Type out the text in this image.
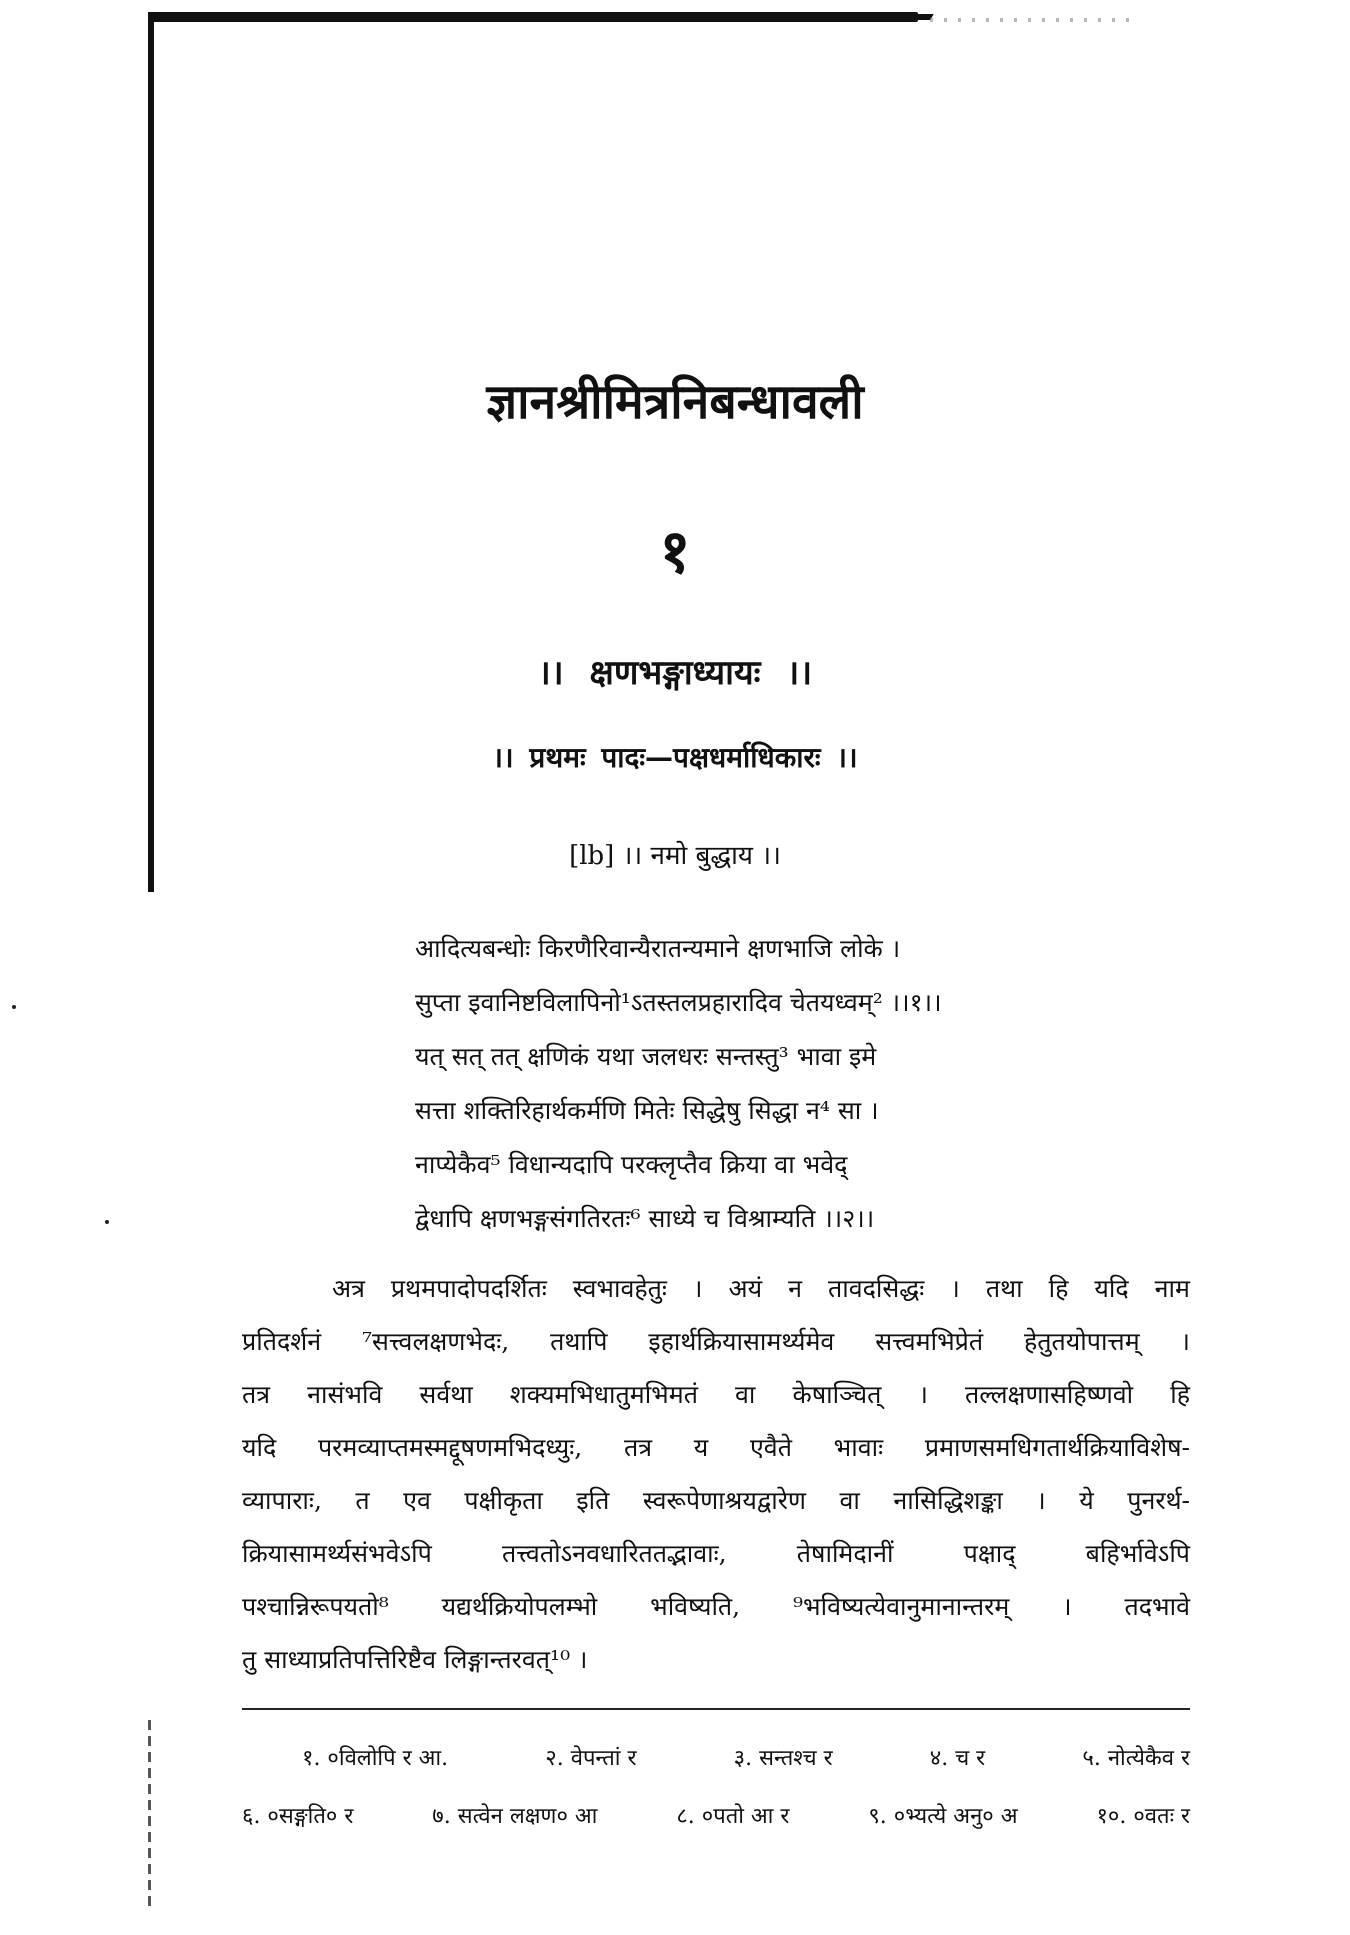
ज्ञानश्रीमित्रनिबन्धावली
१
।। क्षणभङ्गाध्यायः ।।
।। प्रथमः पादः—पक्षधर्माधिकारः ।।
[lb] ।। नमो बुद्धाय ।।
आदित्यबन्धोः किरणैरिवान्यैरातन्यमाने क्षणभाजि लोके ।
सुप्ता इवानिष्टविलापिनो¹ऽतस्तलप्रहारादिव चेतयध्वम्² ।।१।।
यत् सत् तत् क्षणिकं यथा जलधरः सन्तस्तु³ भावा इमे
सत्ता शक्तिरिहार्थकर्मणि मितेः सिद्धेषु सिद्धा न⁴ सा ।
नाप्येकैव⁵ विधान्यदापि परक्लृप्तैव क्रिया वा भवेद्
द्वेधापि क्षणभङ्गसंगतिरतः⁶ साध्ये च विश्राम्यति ।।२।।
अत्र प्रथमपादोपदर्शितः स्वभावहेतुः । अयं न तावदसिद्धः । तथा हि यदि नाम
प्रतिदर्शनं ⁷सत्त्वलक्षणभेदः, तथापि इहार्थक्रियासामर्थ्यमेव सत्त्वमभिप्रेतं हेतुतयोपात्तम् ।
तत्र नासंभवि सर्वथा शक्यमभिधातुमभिमतं वा केषाञ्चित् । तल्लक्षणासहिष्णवो हि
यदि परमव्याप्तमस्मद्दूषणमभिदध्युः, तत्र य एवैते भावाः प्रमाणसमधिगतार्थक्रियाविशेष-
व्यापाराः, त एव पक्षीकृता इति स्वरूपेणाश्रयद्वारेण वा नासिद्धिशङ्का । ये पुनरर्थ-
क्रियासामर्थ्यसंभवेऽपि तत्त्वतोऽनवधारिततद्भावाः, तेषामिदानीं पक्षाद् बहिर्भावेऽपि
पश्चान्निरूपयतो⁸ यद्यर्थक्रियोपलम्भो भविष्यति, ⁹भविष्यत्येवानुमानान्तरम् । तदभावे
तु साध्याप्रतिपत्तिरिष्टैव लिङ्गान्तरवत्¹⁰ ।
१. ०विलोपि र आ.	२. वेपन्तां र	३. सन्तश्च र	४. च र	५. नोत्येकैव र
६. ०सङ्गति० र	७. सत्वेन लक्षण० आ	८. ०पतो आ र	९. ०भ्यत्ये अनु० अ	१०. ०वतः र
